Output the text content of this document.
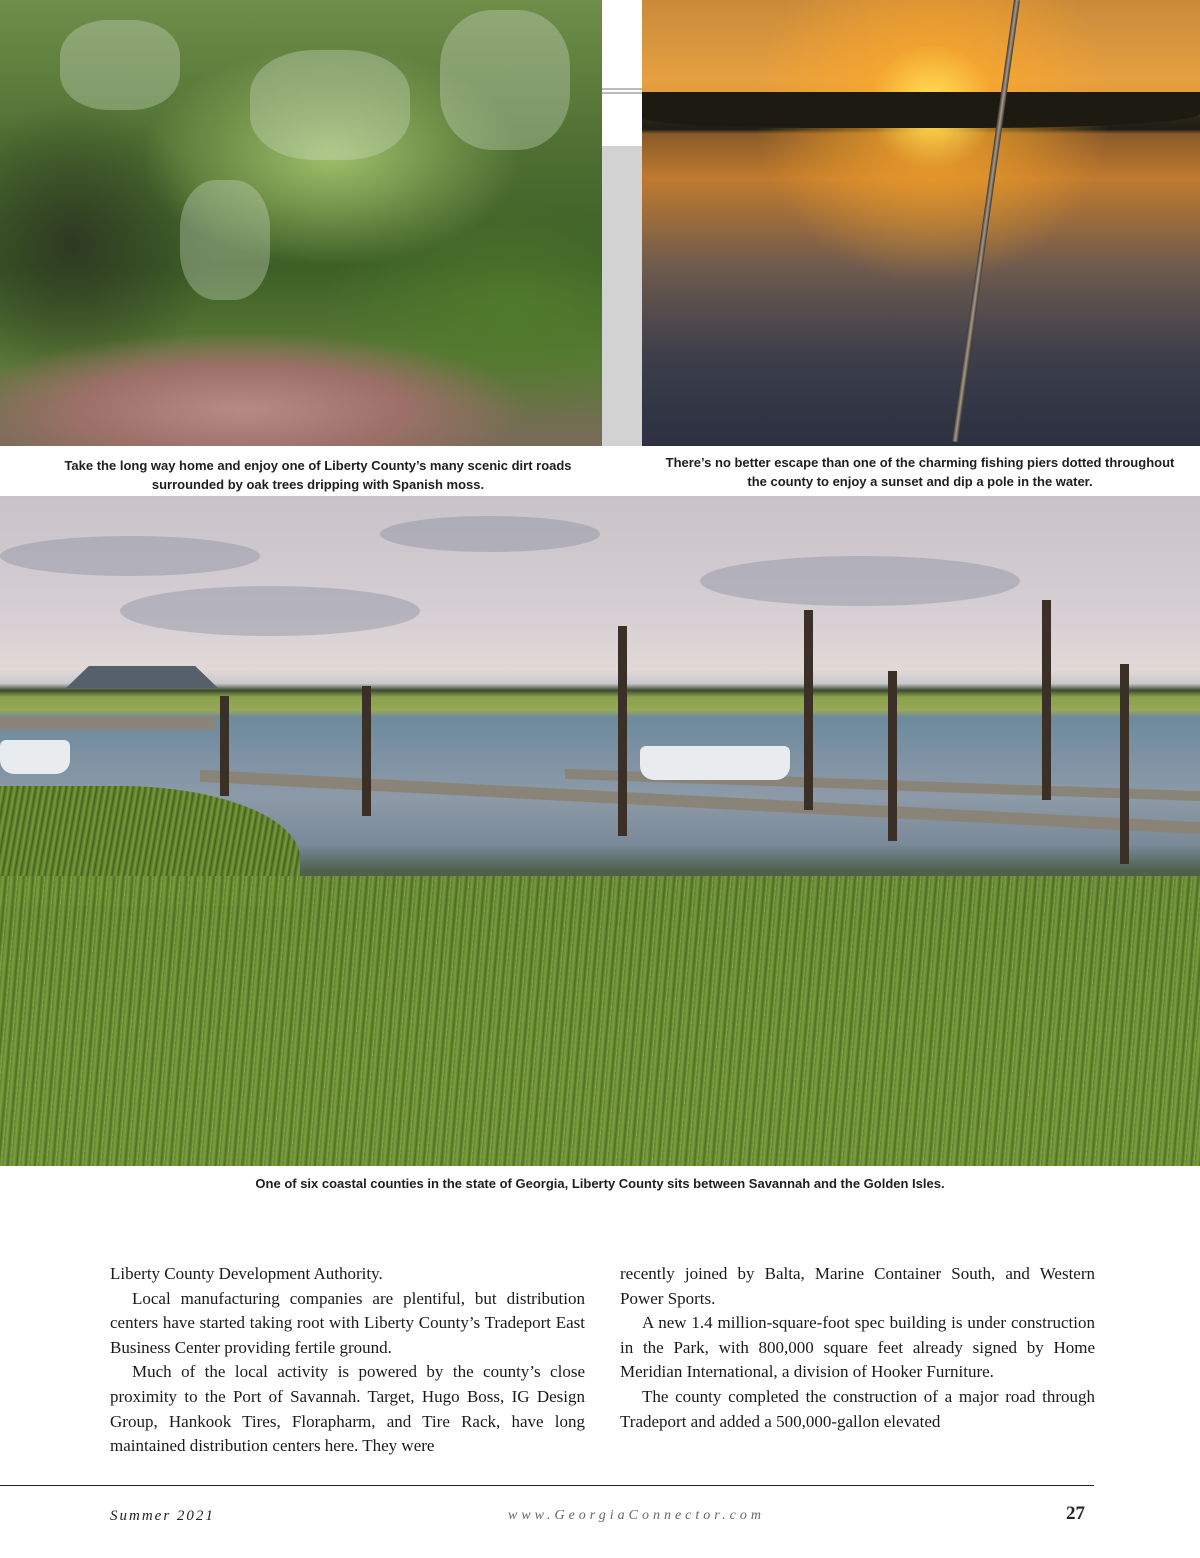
Take the long way home and enjoy one of Liberty County’s many scenic dirt roads surrounded by oak trees dripping with Spanish moss.
There’s no better escape than one of the charming fishing piers dotted throughout the county to enjoy a sunset and dip a pole in the water.
One of six coastal counties in the state of Georgia, Liberty County sits between Savannah and the Golden Isles.

Liberty County Development Authority.

Local manufacturing companies are plentiful, but distribution centers have started taking root with Liberty County’s Tradeport East Business Center providing fertile ground.

Much of the local activity is powered by the county’s close proximity to the Port of Savannah. Target, Hugo Boss, IG Design Group, Hankook Tires, Florapharm, and Tire Rack, have long maintained distribution centers here. They were

recently joined by Balta, Marine Container South, and Western Power Sports.

A new 1.4 million-square-foot spec building is under construction in the Park, with 800,000 square feet already signed by Home Meridian International, a division of Hooker Furniture.

The county completed the construction of a major road through Tradeport and added a 500,000-gallon elevated

Summer 2021	www.GeorgiaConnector.com	27
